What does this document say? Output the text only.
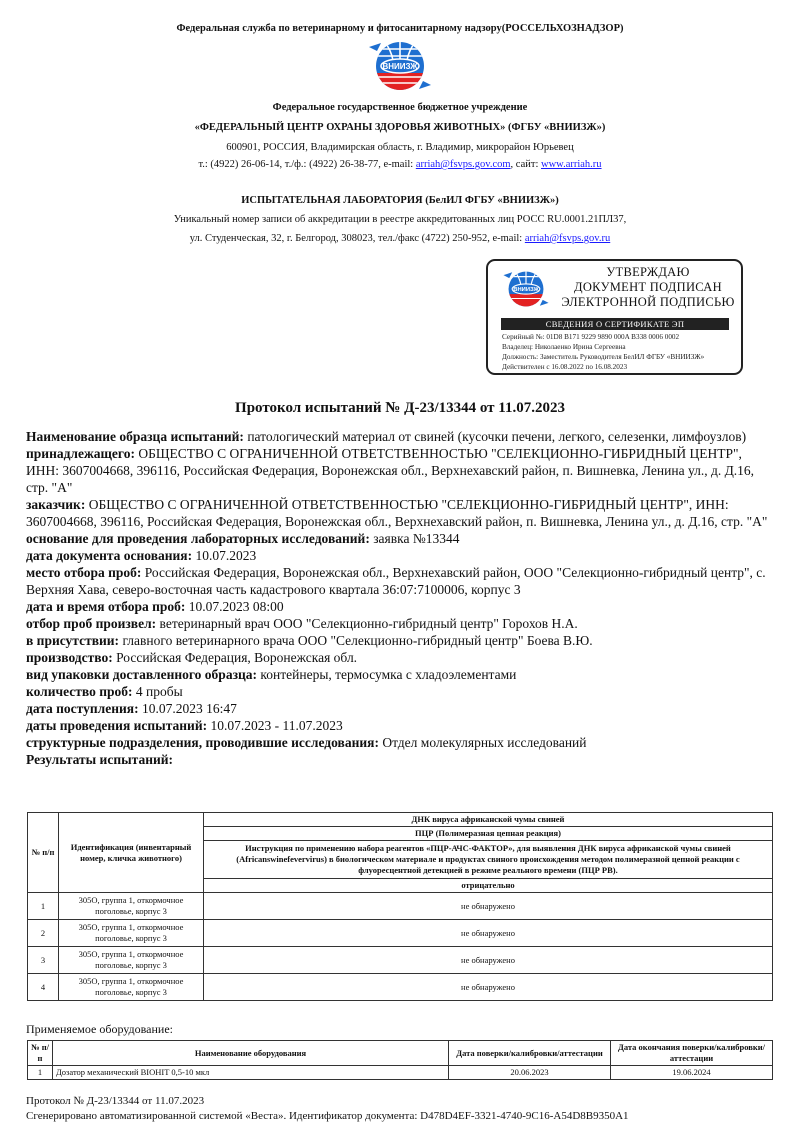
Федеральная служба по ветеринарному и фитосанитарному надзору(РОССЕЛЬХОЗНАДЗОР)
ВНИИЗЖ
Федеральное государственное бюджетное учреждение
«ФЕДЕРАЛЬНЫЙ ЦЕНТР ОХРАНЫ ЗДОРОВЬЯ ЖИВОТНЫХ» (ФГБУ «ВНИИЗЖ»)
600901, РОССИЯ, Владимирская область, г. Владимир, микрорайон Юрьевец
т.: (4922) 26-06-14, т./ф.: (4922) 26-38-77, e-mail: arriah@fsvps.gov.com, сайт: www.arriah.ru
ИСПЫТАТЕЛЬНАЯ ЛАБОРАТОРИЯ (БелИЛ ФГБУ «ВНИИЗЖ»)
Уникальный номер записи об аккредитации в реестре аккредитованных лиц РОСС RU.0001.21ПЛ37,
ул. Студенческая, 32, г. Белгород, 308023, тел./факс (4722) 250-952, e-mail: arriah@fsvps.gov.ru
ВНИИЗЖ
УТВЕРЖДАЮ
ДОКУМЕНТ ПОДПИСАН
ЭЛЕКТРОННОЙ ПОДПИСЬЮ
СВЕДЕНИЯ О СЕРТИФИКАТЕ ЭП
Серийный №: 01D8 B171 9229 9890 000A B338 0006 0002
Владелец: Николаенко Ирина Сергеевна
Должность: Заместитель Руководителя БелИЛ ФГБУ «ВНИИЗЖ»
Действителен с 16.08.2022 по 16.08.2023
Протокол испытаний № Д-23/13344 от 11.07.2023

Наименование образца испытаний: патологический материал от свиней (кусочки печени, легкого, селезенки, лимфоузлов)

принадлежащего: ОБЩЕСТВО С ОГРАНИЧЕННОЙ ОТВЕТСТВЕННОСТЬЮ "СЕЛЕКЦИОННО-ГИБРИДНЫЙ ЦЕНТР", ИНН: 3607004668, 396116, Российская Федерация, Воронежская обл., Верхнехавский район, п. Вишневка, Ленина ул., д. Д.16, стр. "А"

заказчик: ОБЩЕСТВО С ОГРАНИЧЕННОЙ ОТВЕТСТВЕННОСТЬЮ "СЕЛЕКЦИОННО-ГИБРИДНЫЙ ЦЕНТР", ИНН: 3607004668, 396116, Российская Федерация, Воронежская обл., Верхнехавский район, п. Вишневка, Ленина ул., д. Д.16, стр. "А"

основание для проведения лабораторных исследований: заявка №13344

дата документа основания: 10.07.2023

место отбора проб: Российская Федерация, Воронежская обл., Верхнехавский район, ООО "Селекционно-гибридный центр", с. Верхняя Хава, северо-восточная часть кадастрового квартала 36:07:7100006, корпус 3

дата и время отбора проб: 10.07.2023 08:00

отбор проб произвел: ветеринарный врач ООО "Селекционно-гибридный центр" Горохов Н.А.

в присутствии: главного ветеринарного врача ООО "Селекционно-гибридный центр" Боева В.Ю.

производство: Российская Федерация, Воронежская обл.

вид упаковки доставленного образца: контейнеры, термосумка с хладоэлементами

количество проб: 4 пробы

дата поступления: 10.07.2023 16:47

даты проведения испытаний: 10.07.2023 - 11.07.2023

структурные подразделения, проводившие исследования: Отдел молекулярных исследований

Результаты испытаний:

№ п/п	Идентификация (инвентарный номер, кличка животного)	ДНК вируса африканской чумы свиней
		ПЦР (Полимеразная цепная реакция)
		Инструкция по применению набора реагентов «ПЦР-АЧС-ФАКТОР», для выявления ДНК вируса африканской чумы свиней (Africanswinefevervirus) в биологическом материале и продуктах свиного происхождения методом полимеразной цепной реакции с флуоресцентной детекцией в режиме реального времени (ПЦР РВ).
		отрицательно

1	305О, группа 1, откормочное поголовье, корпус 3	не обнаружено
2	305О, группа 1, откормочное поголовье, корпус 3	не обнаружено
3	305О, группа 1, откормочное поголовье, корпус 3	не обнаружено
4	305О, группа 1, откормочное поголовье, корпус 3	не обнаружено
Применяемое оборудование:
№ п/п	Наименование оборудования	Дата поверки/калибровки/аттестации	Дата окончания поверки/калибровки/аттестации
1	Дозатор механический BIOHIT 0,5-10 мкл	20.06.2023	19.06.2024
Протокол № Д-23/13344 от 11.07.2023
Сгенерировано автоматизированной системой «Веста». Идентификатор документа: D478D4EF-3321-4740-9C16-A54D8B9350A1
